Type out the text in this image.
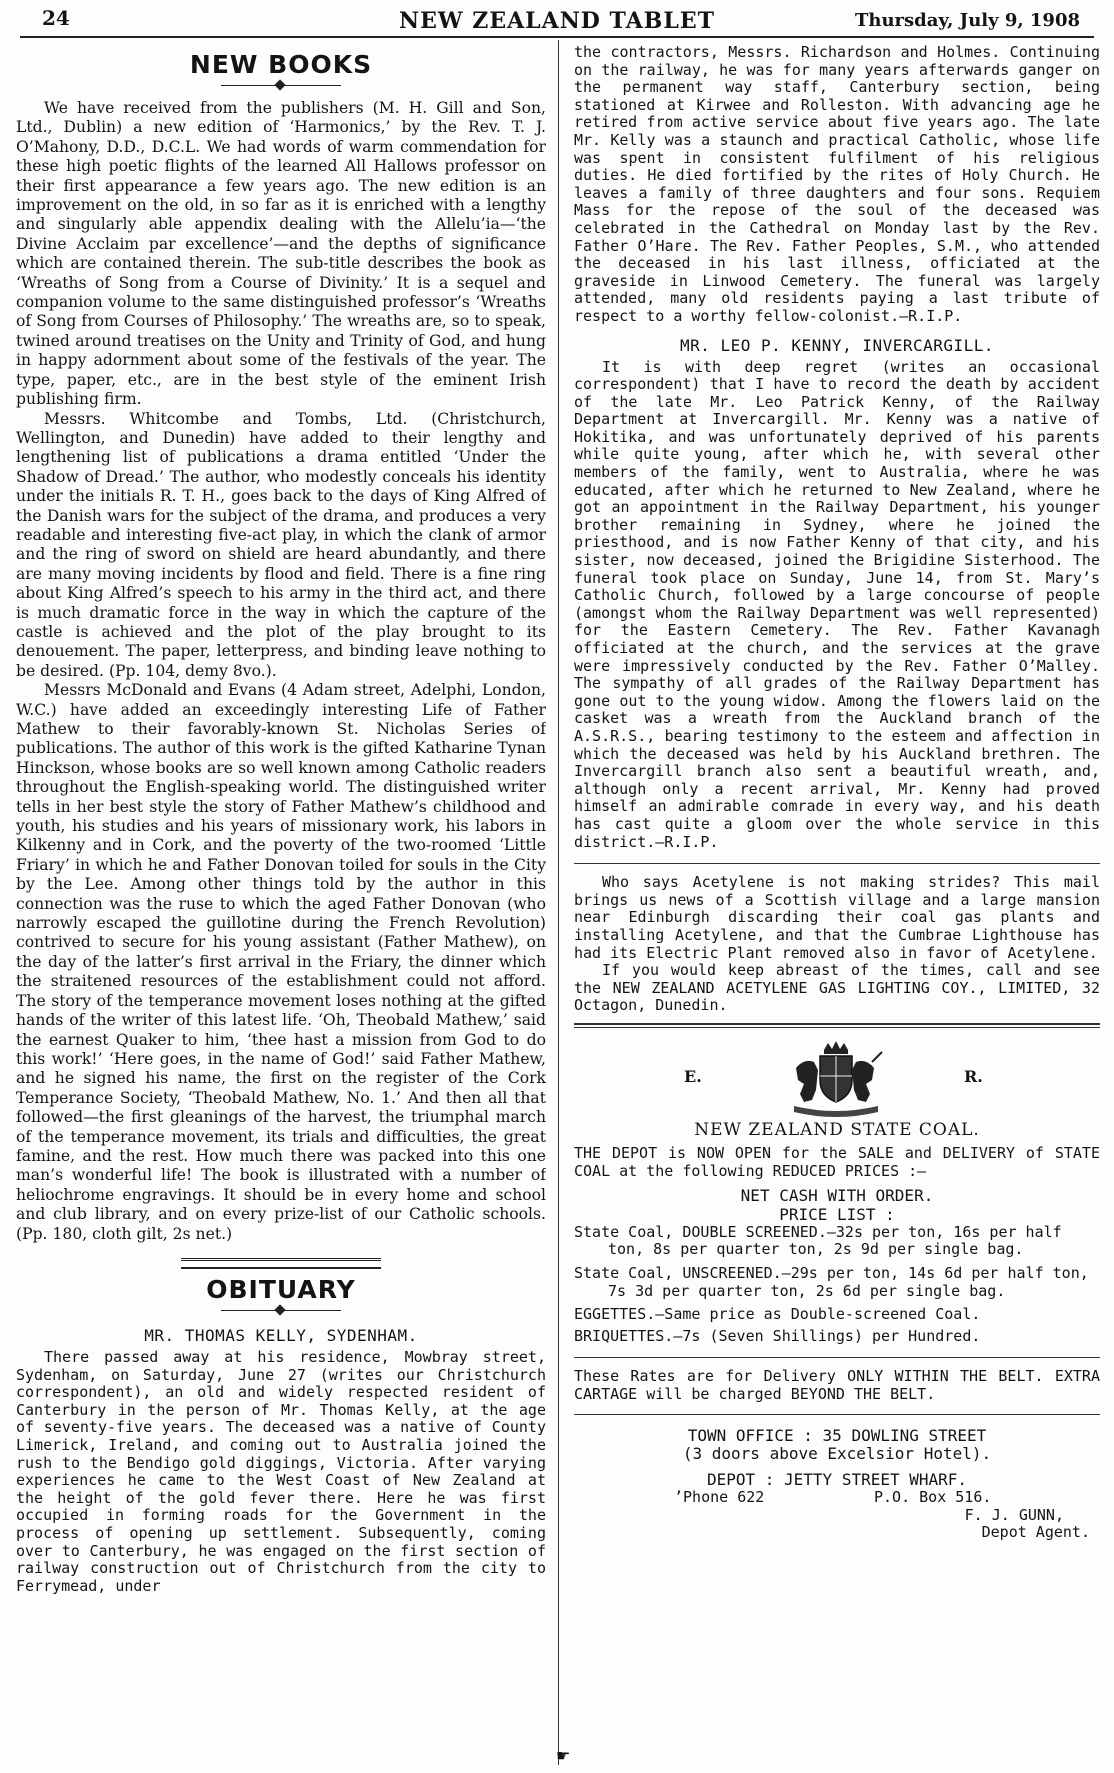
24	NEW ZEALAND TABLET	Thursday, July 9, 1908
NEW BOOKS

We have received from the publishers (M. H. Gill and Son, Ltd., Dublin) a new edition of ‘Harmonics,’ by the Rev. T. J. O’Mahony, D.D., D.C.L. We had words of warm commendation for these high poetic flights of the learned All Hallows professor on their first appearance a few years ago. The new edition is an improvement on the old, in so far as it is enriched with a lengthy and singularly able appendix dealing with the Allelu’ia—‘the Divine Acclaim par excellence’—and the depths of significance which are contained therein. The sub-title describes the book as ‘Wreaths of Song from a Course of Divinity.’ It is a sequel and companion volume to the same distinguished professor’s ‘Wreaths of Song from Courses of Philosophy.’ The wreaths are, so to speak, twined around treatises on the Unity and Trinity of God, and hung in happy adornment about some of the festivals of the year. The type, paper, etc., are in the best style of the eminent Irish publishing firm.

Messrs. Whitcombe and Tombs, Ltd. (Christchurch, Wellington, and Dunedin) have added to their lengthy and lengthening list of publications a drama entitled ‘Under the Shadow of Dread.’ The author, who modestly conceals his identity under the initials R. T. H., goes back to the days of King Alfred of the Danish wars for the subject of the drama, and produces a very readable and interesting five-act play, in which the clank of armor and the ring of sword on shield are heard abundantly, and there are many moving incidents by flood and field. There is a fine ring about King Alfred’s speech to his army in the third act, and there is much dramatic force in the way in which the capture of the castle is achieved and the plot of the play brought to its denouement. The paper, letterpress, and binding leave nothing to be desired. (Pp. 104, demy 8vo.).

Messrs McDonald and Evans (4 Adam street, Adelphi, London, W.C.) have added an exceedingly interesting Life of Father Mathew to their favorably-known St. Nicholas Series of publications. The author of this work is the gifted Katharine Tynan Hinckson, whose books are so well known among Catholic readers throughout the English-speaking world. The distinguished writer tells in her best style the story of Father Mathew’s childhood and youth, his studies and his years of missionary work, his labors in Kilkenny and in Cork, and the poverty of the two-roomed ‘Little Friary’ in which he and Father Donovan toiled for souls in the City by the Lee. Among other things told by the author in this connection was the ruse to which the aged Father Donovan (who narrowly escaped the guillotine during the French Revolution) contrived to secure for his young assistant (Father Mathew), on the day of the latter’s first arrival in the Friary, the dinner which the straitened resources of the establishment could not afford. The story of the temperance movement loses nothing at the gifted hands of the writer of this latest life. ‘Oh, Theobald Mathew,’ said the earnest Quaker to him, ‘thee hast a mission from God to do this work!’ ‘Here goes, in the name of God!’ said Father Mathew, and he signed his name, the first on the register of the Cork Temperance Society, ‘Theobald Mathew, No. 1.’ And then all that followed—the first gleanings of the harvest, the triumphal march of the temperance movement, its trials and difficulties, the great famine, and the rest. How much there was packed into this one man’s wonderful life! The book is illustrated with a number of heliochrome engravings. It should be in every home and school and club library, and on every prize-list of our Catholic schools. (Pp. 180, cloth gilt, 2s net.)

OBITUARY
MR. THOMAS KELLY, SYDENHAM.

There passed away at his residence, Mowbray street, Sydenham, on Saturday, June 27 (writes our Christchurch correspondent), an old and widely respected resident of Canterbury in the person of Mr. Thomas Kelly, at the age of seventy-five years. The deceased was a native of County Limerick, Ireland, and coming out to Australia joined the rush to the Bendigo gold diggings, Victoria. After varying experiences he came to the West Coast of New Zealand at the height of the gold fever there. Here he was first occupied in forming roads for the Government in the process of opening up settlement. Subsequently, coming over to Canterbury, he was engaged on the first section of railway construction out of Christchurch from the city to Ferrymead, under

the contractors, Messrs. Richardson and Holmes. Continuing on the railway, he was for many years afterwards ganger on the permanent way staff, Canterbury section, being stationed at Kirwee and Rolleston. With advancing age he retired from active service about five years ago. The late Mr. Kelly was a staunch and practical Catholic, whose life was spent in consistent fulfilment of his religious duties. He died fortified by the rites of Holy Church. He leaves a family of three daughters and four sons. Requiem Mass for the repose of the soul of the deceased was celebrated in the Cathedral on Monday last by the Rev. Father O’Hare. The Rev. Father Peoples, S.M., who attended the deceased in his last illness, officiated at the graveside in Linwood Cemetery. The funeral was largely attended, many old residents paying a last tribute of respect to a worthy fellow-colonist.—R.I.P.

MR. LEO P. KENNY, INVERCARGILL.

It is with deep regret (writes an occasional correspondent) that I have to record the death by accident of the late Mr. Leo Patrick Kenny, of the Railway Department at Invercargill. Mr. Kenny was a native of Hokitika, and was unfortunately deprived of his parents while quite young, after which he, with several other members of the family, went to Australia, where he was educated, after which he returned to New Zealand, where he got an appointment in the Railway Department, his younger brother remaining in Sydney, where he joined the priesthood, and is now Father Kenny of that city, and his sister, now deceased, joined the Brigidine Sisterhood. The funeral took place on Sunday, June 14, from St. Mary’s Catholic Church, followed by a large concourse of people (amongst whom the Railway Department was well represented) for the Eastern Cemetery. The Rev. Father Kavanagh officiated at the church, and the services at the grave were impressively conducted by the Rev. Father O’Malley. The sympathy of all grades of the Railway Department has gone out to the young widow. Among the flowers laid on the casket was a wreath from the Auckland branch of the A.S.R.S., bearing testimony to the esteem and affection in which the deceased was held by his Auckland brethren. The Invercargill branch also sent a beautiful wreath, and, although only a recent arrival, Mr. Kenny had proved himself an admirable comrade in every way, and his death has cast quite a gloom over the whole service in this district.—R.I.P.

Who says Acetylene is not making strides? This mail brings us news of a Scottish village and a large mansion near Edinburgh discarding their coal gas plants and installing Acetylene, and that the Cumbrae Lighthouse has had its Electric Plant removed also in favor of Acetylene.

If you would keep abreast of the times, call and see the NEW ZEALAND ACETYLENE GAS LIGHTING COY., LIMITED, 32 Octagon, Dunedin.

E.	R.
NEW ZEALAND STATE COAL.

THE DEPOT is NOW OPEN for the SALE and DELIVERY of STATE COAL at the following REDUCED PRICES :—

NET CASH WITH ORDER.
PRICE LIST :

State Coal, DOUBLE SCREENED.—32s per ton, 16s per half ton, 8s per quarter ton, 2s 9d per single bag.

State Coal, UNSCREENED.—29s per ton, 14s 6d per half ton, 7s 3d per quarter ton, 2s 6d per single bag.

EGGETTES.—Same price as Double-screened Coal.

BRIQUETTES.—7s (Seven Shillings) per Hundred.

These Rates are for Delivery ONLY WITHIN THE BELT. EXTRA CARTAGE will be charged BEYOND THE BELT.

TOWN OFFICE : 35 DOWLING STREET

(3 doors above Excelsior Hotel).

DEPOT : JETTY STREET WHARF.

’Phone 622	P.O. Box 516.
F. J. GUNN,
Depot Agent.
☛
